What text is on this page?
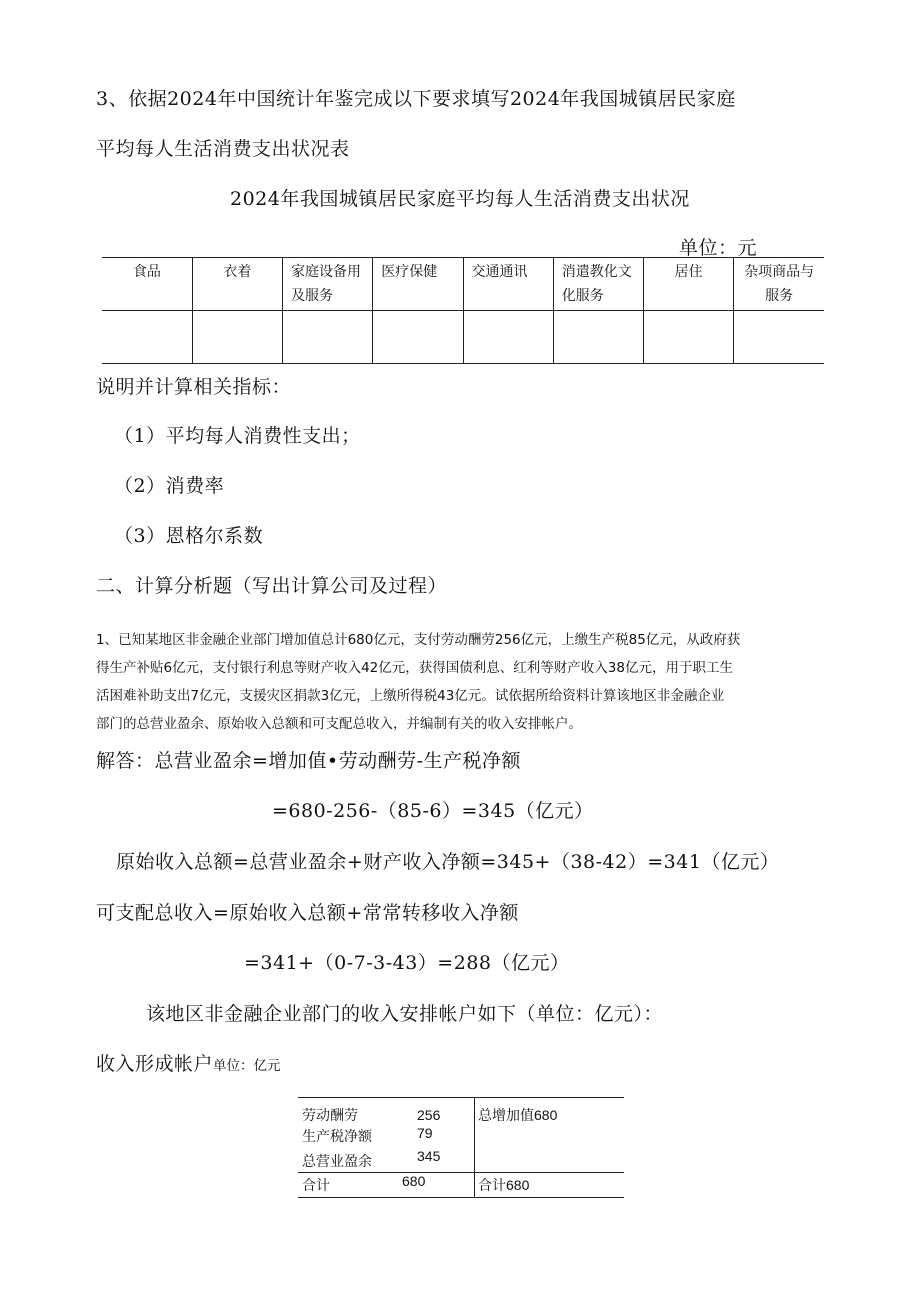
3、依据2024年中国统计年鉴完成以下要求填写2024年我国城镇居民家庭
平均每人生活消费支出状况表
2024年我国城镇居民家庭平均每人生活消费支出状况
单位：元
食品	衣着	家庭设备用
及服务	医疗保健	交通通讯	消遣教化文
化服务	居住	杂项商品与
服务

说明并计算相关指标：
（1）平均每人消费性支出；
（2）消费率
（3）恩格尔系数
二、计算分析题（写出计算公司及过程）
1、已知某地区非金融企业部门增加值总计680亿元，支付劳动酬劳256亿元，上缴生产税85亿元，从政府获
得生产补贴6亿元，支付银行利息等财产收入42亿元，获得国债利息、红利等财产收入38亿元，用于职工生
活困难补助支出7亿元，支援灾区捐款3亿元，上缴所得税43亿元。试依据所给资料计算该地区非金融企业
部门的总营业盈余、原始收入总额和可支配总收入，并编制有关的收入安排帐户。
解答：总营业盈余=增加值•劳动酬劳-生产税净额
=680-256-（85-6）=345（亿元）
原始收入总额=总营业盈余+财产收入净额=345+（38-42）=341（亿元）
可支配总收入=原始收入总额+常常转移收入净额
=341+（0-7-3-43）=288（亿元）
该地区非金融企业部门的收入安排帐户如下（单位：亿元）：
收入形成帐户单位：亿元
劳动酬劳	256
生产税净额	79
总营业盈余	345
总增加值680
合计	680	合计680
